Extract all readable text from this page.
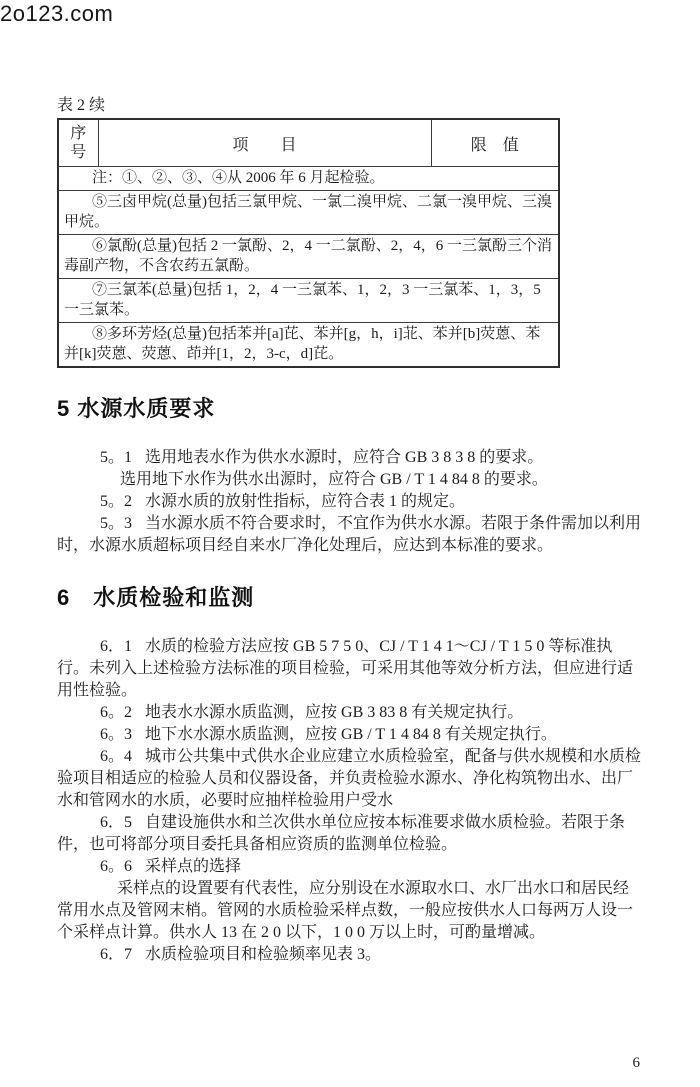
2o123.com
表 2 续
序
号	项　　目	限　值
注：①、②、③、④从 2006 年 6 月起检验。
⑤三卤甲烷(总量)包括三氯甲烷、一氯二溴甲烷、二氯一溴甲烷、三溴甲烷。
⑥氯酚(总量)包括 2 一氯酚、2，4 一二氯酚、2，4，6 一三氯酚三个消毒副产物，不含农药五氯酚。
⑦三氯苯(总量)包括 1，2，4 一三氯苯、1，2，3 一三氯苯、1，3，5 一三氯苯。
⑧多环芳烃(总量)包括苯并[a]芘、苯并[g，h，i]苝、苯并[b]荧蒽、苯并[k]荧蒽、荧蒽、茚并[1，2，3-c，d]芘。
5 水源水质要求

5。1 选用地表水作为供水水源时，应符合 GB 3 8 3 8 的要求。

选用地下水作为供水出源时，应符合 GB / T 1 4 84 8 的要求。

5。2 水源水质的放射性指标，应符合表 1 的规定。

5。3 当水源水质不符合要求时，不宜作为供水水源。若限于条件需加以利用时，水源水质超标项目经自来水厂净化处理后，应达到本标准的要求。

6　水质检验和监测

6．1 水质的检验方法应按 GB 5 7 5 0、CJ / T 1 4 1～CJ / T 1 5 0 等标准执行。未列入上述检验方法标准的项目检验，可采用其他等效分析方法，但应进行适用性检验。

6。2 地表水水源水质监测，应按 GB 3 83 8 有关规定执行。

6。3 地下水水源水质监测，应按 GB / T 1 4 84 8 有关规定执行。

6。4 城市公共集中式供水企业应建立水质检验室，配备与供水规模和水质检验项目相适应的检验人员和仪器设备，并负责检验水源水、净化构筑物出水、出厂水和管网水的水质，必要时应抽样检验用户受水

6．5 自建设施供水和兰次供水单位应按本标准要求做水质检验。若限于条件，也可将部分项目委托具备相应资质的监测单位检验。

6。6 采样点的选择

采样点的设置要有代表性，应分别设在水源取水口、水厂出水口和居民经常用水点及管网末梢。管网的水质检验采样点数，一般应按供水人口每两万人设一个采样点计算。供水人 13 在 2 0 以下，1 0 0 万以上时，可酌量增减。

6．7 水质检验项目和检验频率见表 3。

6
